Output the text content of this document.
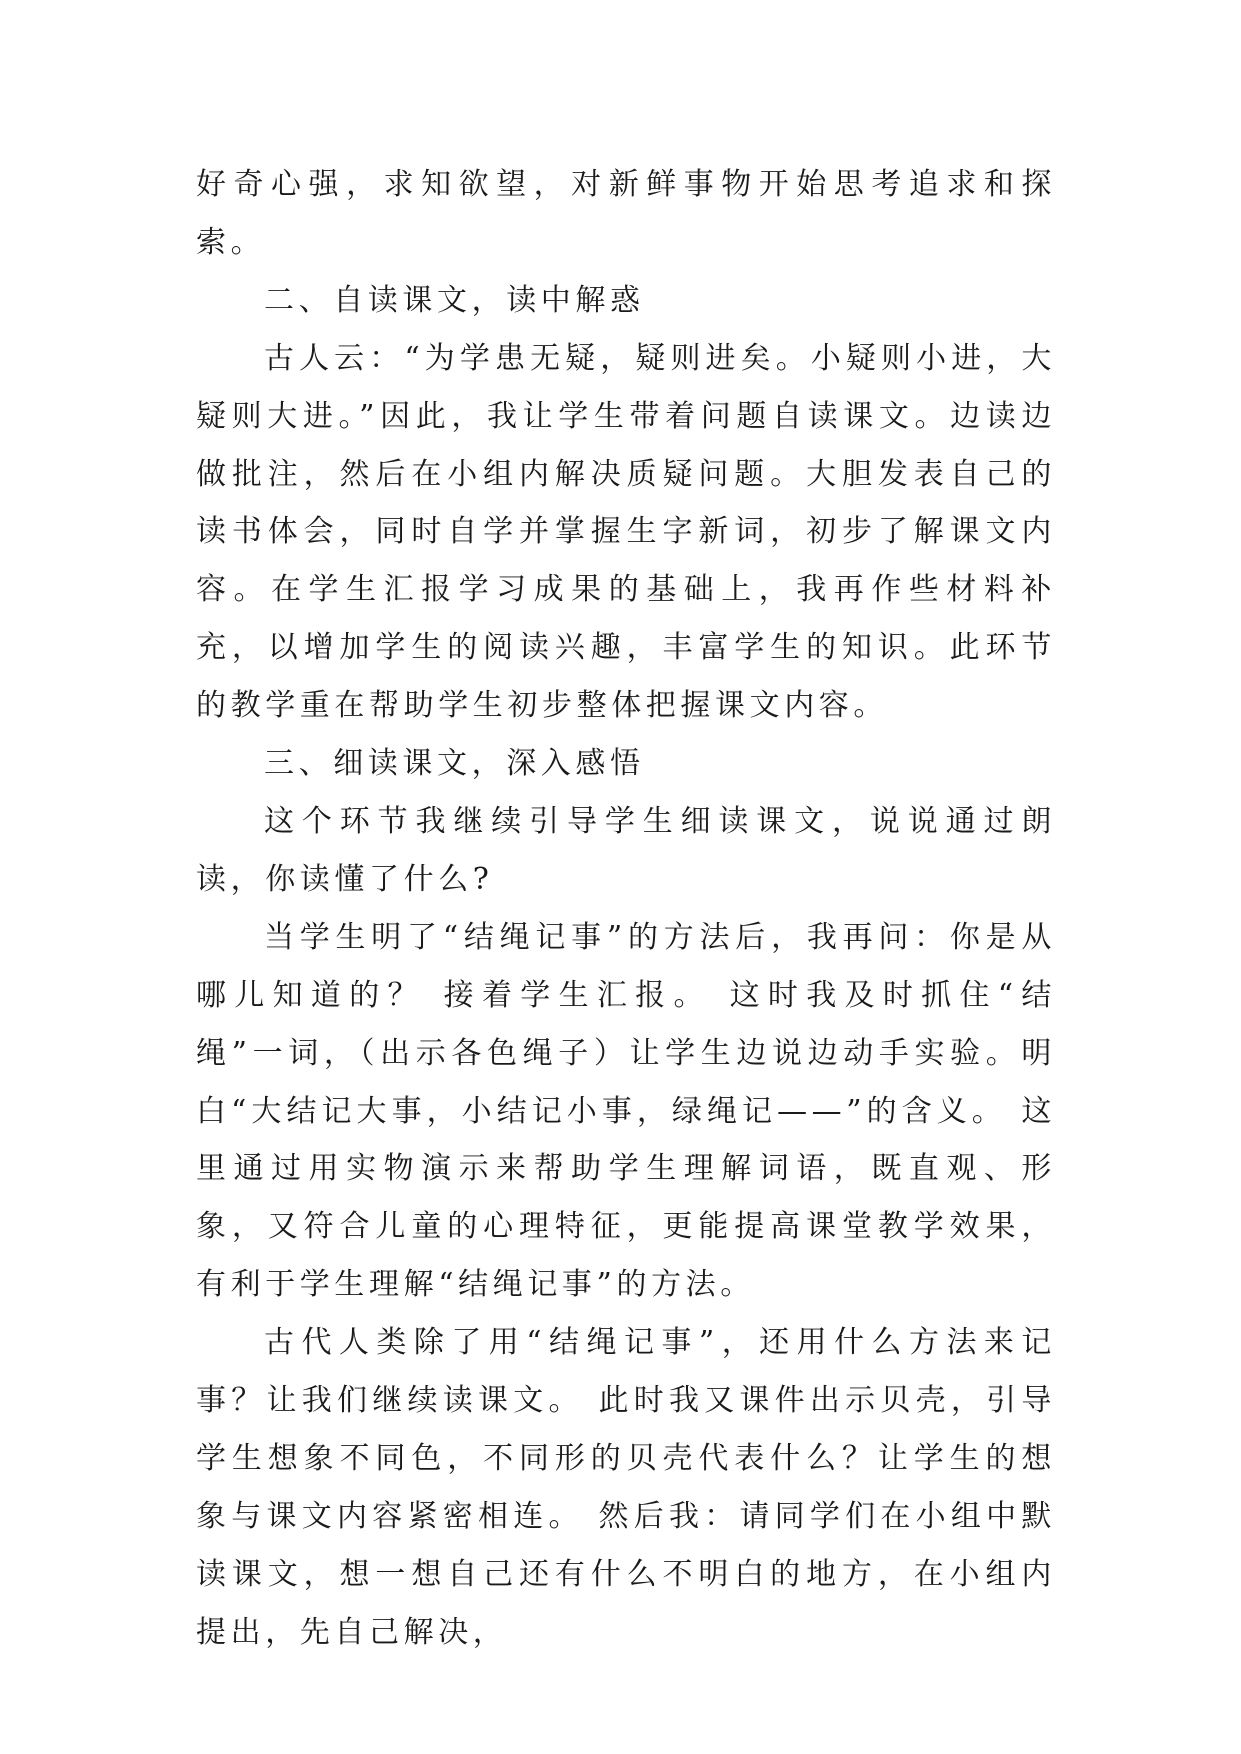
好奇心强，求知欲望，对新鲜事物开始思考追求和探索。

二、自读课文，读中解惑

古人云：“为学患无疑，疑则进矣。小疑则小进，大疑则大进。”因此，我让学生带着问题自读课文。边读边做批注，然后在小组内解决质疑问题。大胆发表自己的读书体会，同时自学并掌握生字新词，初步了解课文内容。在学生汇报学习成果的基础上，我再作些材料补充，以增加学生的阅读兴趣，丰富学生的知识。此环节的教学重在帮助学生初步整体把握课文内容。

三、细读课文，深入感悟

这个环节我继续引导学生细读课文，说说通过朗读，你读懂了什么?

当学生明了“结绳记事”的方法后，我再问：你是从哪儿知道的？ 接着学生汇报。 这时我及时抓住“结绳”一词，（出示各色绳子）让学生边说边动手实验。明白“大结记大事，小结记小事，绿绳记——”的含义。 这里通过用实物演示来帮助学生理解词语，既直观、形象，又符合儿童的心理特征，更能提高课堂教学效果，有利于学生理解“结绳记事”的方法。

古代人类除了用“结绳记事”，还用什么方法来记事？让我们继续读课文。 此时我又课件出示贝壳，引导学生想象不同色，不同形的贝壳代表什么？让学生的想象与课文内容紧密相连。 然后我：请同学们在小组中默读课文，想一想自己还有什么不明白的地方，在小组内提出，先自己解决，
